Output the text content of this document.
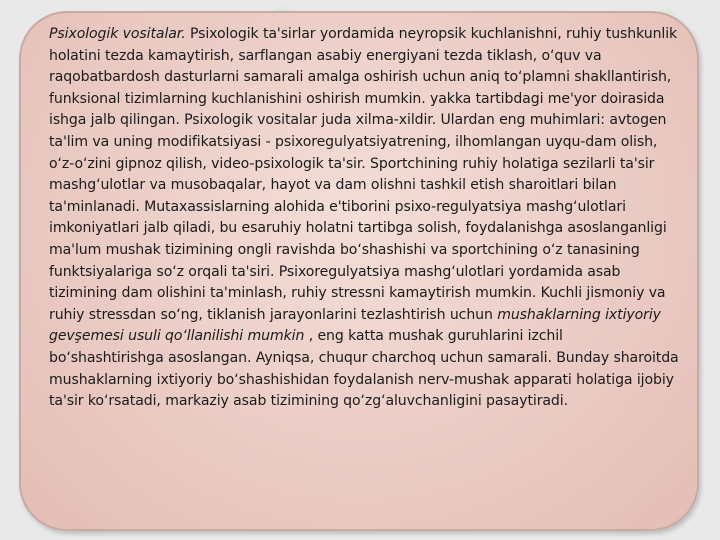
Psixologik vositalar. Psixologik ta'sirlar yordamida neyropsik kuchlanishni, ruhiy tushkunlik holatini tezda kamaytirish, sarflangan asabiy energiyani tezda tiklash, o‘quv va raqobatbardosh dasturlarni samarali amalga oshirish uchun aniq to‘plamni shakllantirish, funksional tizimlarning kuchlanishini oshirish mumkin. yakka tartibdagi me'yor doirasida ishga jalb qilingan. Psixologik vositalar juda xilma-xildir. Ulardan eng muhimlari: avtogen ta'lim va uning modifikatsiyasi - psixoregulyatsiyatrening, ilhomlangan uyqu-dam olish, o‘z-o‘zini gipnoz qilish, video-psixologik ta'sir. Sportchining ruhiy holatiga sezilarli ta'sir mashg‘ulotlar va musobaqalar, hayot va dam olishni tashkil etish sharoitlari bilan ta'minlanadi. Mutaxassislarning alohida e'tiborini psixo-regulyatsiya mashg‘ulotlari imkoniyatlari jalb qiladi, bu esaruhiy holatni tartibga solish, foydalanishga asoslanganligi ma'lum mushak tizimining ongli ravishda bo‘shashishi va sportchining o‘z tanasining funktsiyalariga so‘z orqali ta'siri. Psixoregulyatsiya mashg‘ulotlari yordamida asab tizimining dam olishini ta'minlash, ruhiy stressni kamaytirish mumkin. Kuchli jismoniy va ruhiy stressdan so‘ng, tiklanish jarayonlarini tezlashtirish uchun mushaklarning ixtiyoriy gevşemesi usuli qo‘llanilishi mumkin , eng katta mushak guruhlarini izchil bo‘shashtirishga asoslangan. Ayniqsa, chuqur charchoq uchun samarali. Bunday sharoitda mushaklarning ixtiyoriy bo‘shashishidan foydalanish nerv-mushak apparati holatiga ijobiy ta'sir ko‘rsatadi, markaziy asab tizimining qo‘zg‘aluvchanligini pasaytiradi.
